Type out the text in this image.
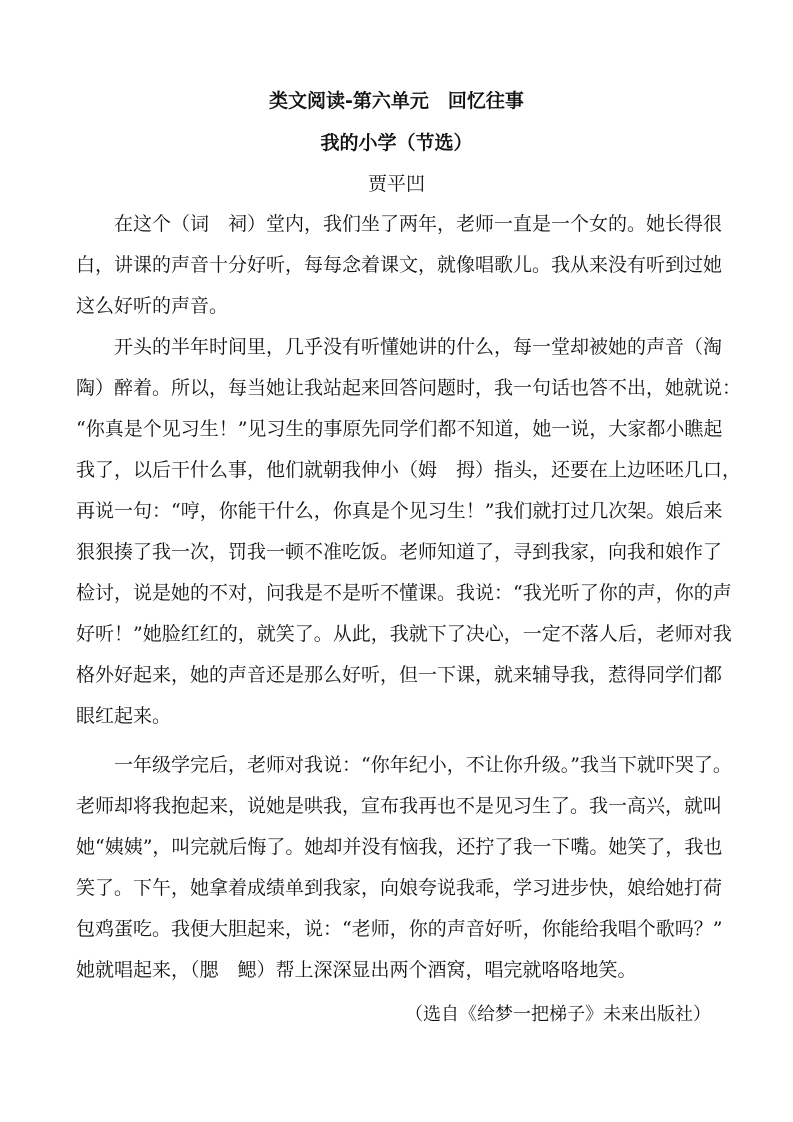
类文阅读-第六单元　回忆往事
我的小学（节选）
贾平凹
　　在这个（词　祠）堂内，我们坐了两年，老师一直是一个女的。她长得很
白，讲课的声音十分好听，每每念着课文，就像唱歌儿。我从来没有听到过她
这么好听的声音。
　　开头的半年时间里，几乎没有听懂她讲的什么，每一堂却被她的声音（淘
陶）醉着。所以，每当她让我站起来回答问题时，我一句话也答不出，她就说：
“你真是个见习生！”见习生的事原先同学们都不知道，她一说，大家都小瞧起
我了，以后干什么事，他们就朝我伸小（姆　拇）指头，还要在上边呸呸几口，
再说一句：“哼，你能干什么，你真是个见习生！”我们就打过几次架。娘后来
狠狠揍了我一次，罚我一顿不准吃饭。老师知道了，寻到我家，向我和娘作了
检讨，说是她的不对，问我是不是听不懂课。我说：“我光听了你的声，你的声
好听！”她脸红红的，就笑了。从此，我就下了决心，一定不落人后，老师对我
格外好起来，她的声音还是那么好听，但一下课，就来辅导我，惹得同学们都
眼红起来。
　　一年级学完后，老师对我说：“你年纪小，不让你升级。”我当下就吓哭了。
老师却将我抱起来，说她是哄我，宣布我再也不是见习生了。我一高兴，就叫
她“姨姨”，叫完就后悔了。她却并没有恼我，还拧了我一下嘴。她笑了，我也
笑了。下午，她拿着成绩单到我家，向娘夸说我乖，学习进步快，娘给她打荷
包鸡蛋吃。我便大胆起来，说：“老师，你的声音好听，你能给我唱个歌吗？”
她就唱起来，（腮　鳃）帮上深深显出两个酒窝，唱完就咯咯地笑。
（选自《给梦一把梯子》未来出版社）
